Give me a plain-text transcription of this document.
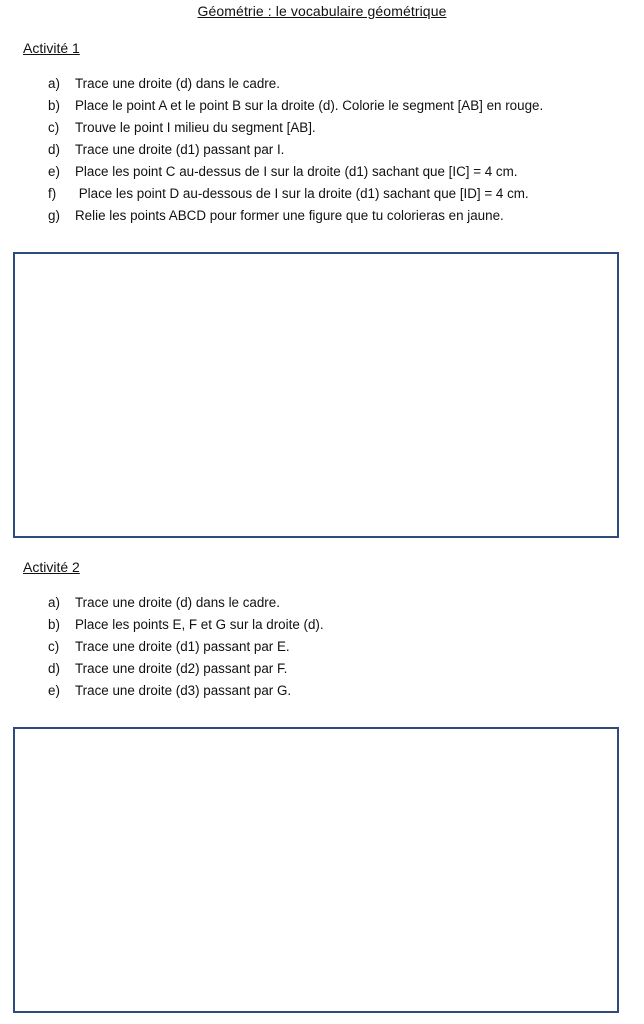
Géométrie : le vocabulaire géométrique
Activité 1
a)	Trace une droite (d) dans le cadre.
b)	Place le point A et le point B sur la droite (d). Colorie le segment [AB] en rouge.
c)	Trouve le point I milieu du segment [AB].
d)	Trace une droite (d1) passant par I.
e)	Place les point C au-dessus de I sur la droite (d1) sachant que [IC] = 4 cm.
f)	Place les point D au-dessous de I sur la droite (d1) sachant que [ID] = 4 cm.
g)	Relie les points ABCD pour former une figure que tu colorieras en jaune.
Activité 2
a)	Trace une droite (d) dans le cadre.
b)	Place les points E, F et G sur la droite (d).
c)	Trace une droite (d1) passant par E.
d)	Trace une droite (d2) passant par F.
e)	Trace une droite (d3) passant par G.
